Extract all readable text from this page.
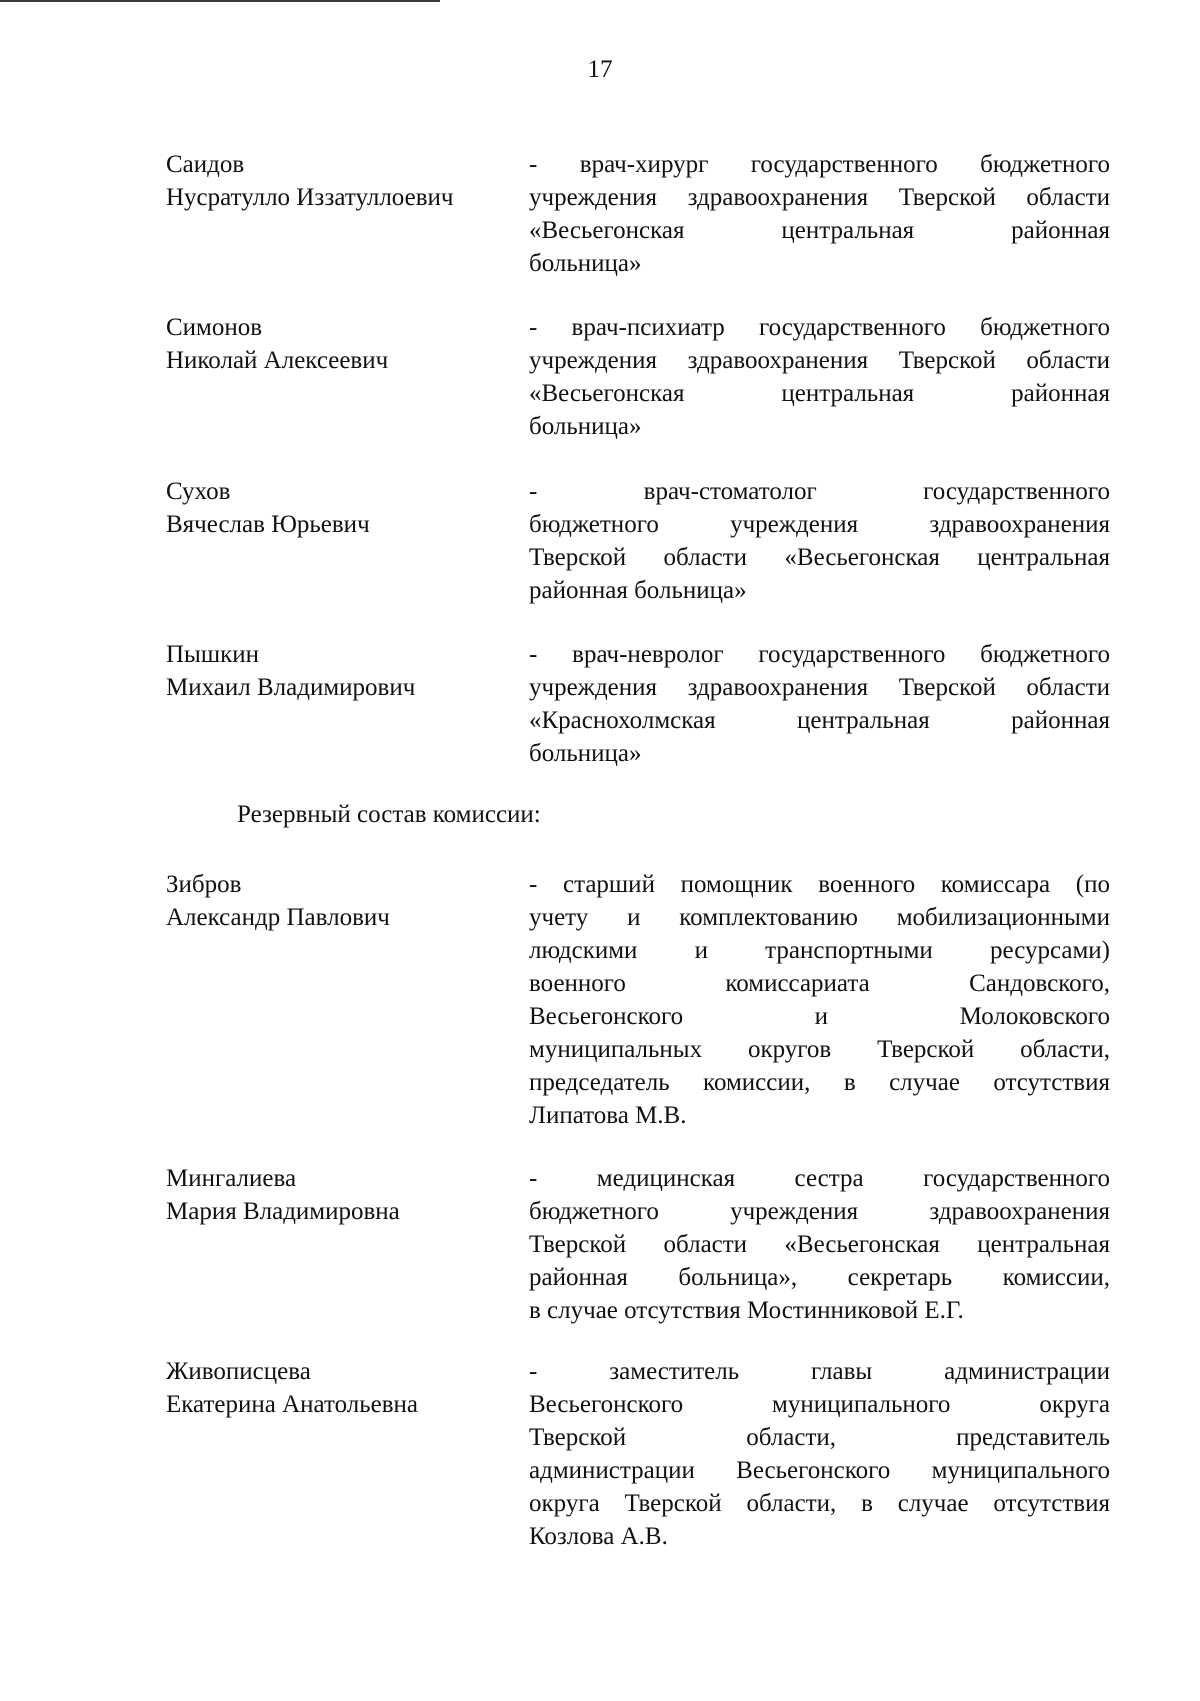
17
Саидов
Нусратулло Иззатуллоевич
- врач-хирург государственного бюджетного
учреждения здравоохранения Тверской области
«Весьегонская центральная районная
больница»
Симонов
Николай Алексеевич
- врач-психиатр государственного бюджетного
учреждения здравоохранения Тверской области
«Весьегонская центральная районная
больница»
Сухов
Вячеслав Юрьевич
- врач-стоматолог государственного
бюджетного учреждения здравоохранения
Тверской области «Весьегонская центральная
районная больница»
Пышкин
Михаил Владимирович
- врач-невролог государственного бюджетного
учреждения здравоохранения Тверской области
«Краснохолмская центральная районная
больница»
Резервный состав комиссии:
Зибров
Александр Павлович
- старший помощник военного комиссара (по
учету и комплектованию мобилизационными
людскими и транспортными ресурсами)
военного комиссариата Сандовского,
Весьегонского и Молоковского
муниципальных округов Тверской области,
председатель комиссии, в случае отсутствия
Липатова М.В.
Мингалиева
Мария Владимировна
- медицинская сестра государственного
бюджетного учреждения здравоохранения
Тверской области «Весьегонская центральная
районная больница», секретарь комиссии,
в случае отсутствия Мостинниковой Е.Г.
Живописцева
Екатерина Анатольевна
- заместитель главы администрации
Весьегонского муниципального округа
Тверской области, представитель
администрации Весьегонского муниципального
округа Тверской области, в случае отсутствия
Козлова А.В.
